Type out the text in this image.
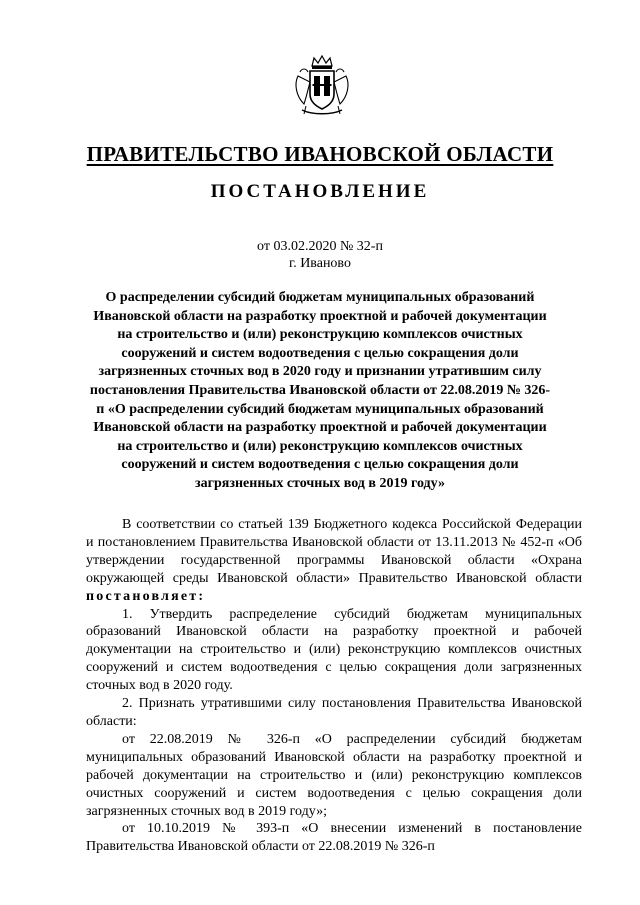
ПРАВИТЕЛЬСТВО ИВАНОВСКОЙ ОБЛАСТИ
ПОСТАНОВЛЕНИЕ
от 03.02.2020 № 32-п
г. Иваново
О распределении субсидий бюджетам муниципальных образований Ивановской области на разработку проектной и рабочей документации на строительство и (или) реконструкцию комплексов очистных сооружений и систем водоотведения с целью сокращения доли загрязненных сточных вод в 2020 году и признании утратившим силу постановления Правительства Ивановской области от 22.08.2019 № 326-п «О распределении субсидий бюджетам муниципальных образований Ивановской области на разработку проектной и рабочей документации на строительство и (или) реконструкцию комплексов очистных сооружений и систем водоотведения с целью сокращения доли загрязненных сточных вод в 2019 году»

В соответствии со статьей 139 Бюджетного кодекса Российской Федерации и постановлением Правительства Ивановской области от 13.11.2013 № 452-п «Об утверждении государственной программы Ивановской области «Охрана окружающей среды Ивановской области» Правительство Ивановской области постановляет:

1. Утвердить распределение субсидий бюджетам муниципальных образований Ивановской области на разработку проектной и рабочей документации на строительство и (или) реконструкцию комплексов очистных сооружений и систем водоотведения с целью сокращения доли загрязненных сточных вод в 2020 году.

2. Признать утратившими силу постановления Правительства Ивановской области:

от 22.08.2019 № 326-п «О распределении субсидий бюджетам муниципальных образований Ивановской области на разработку проектной и рабочей документации на строительство и (или) реконструкцию комплексов очистных сооружений и систем водоотведения с целью сокращения доли загрязненных сточных вод в 2019 году»;

от 10.10.2019 № 393-п «О внесении изменений в постановление Правительства Ивановской области от 22.08.2019 № 326-п
